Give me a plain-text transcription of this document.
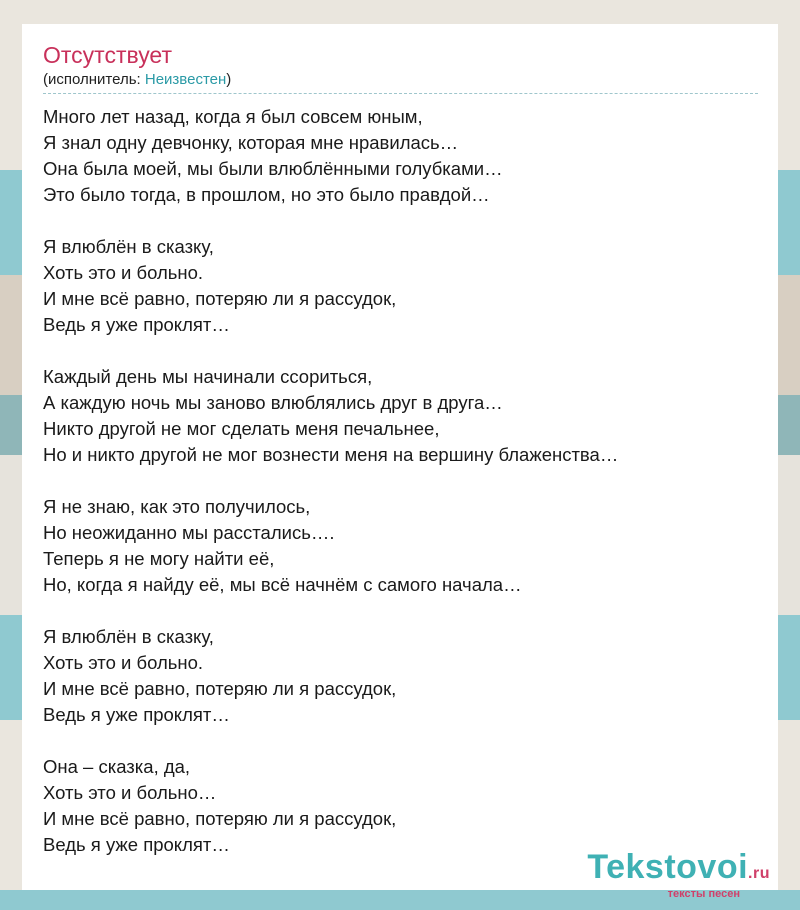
Отсутствует
(исполнитель: Неизвестен)
Много лет назад, когда я был совсем юным,
Я знал одну девчонку, которая мне нравилась…
Она была моей, мы были влюблёнными голубками…
Это было тогда, в прошлом, но это было правдой…
Я влюблён в сказку,
Хоть это и больно.
И мне всё равно, потеряю ли я рассудок,
Ведь я уже проклят…
Каждый день мы начинали ссориться,
А каждую ночь мы заново влюблялись друг в друга…
Никто другой не мог сделать меня печальнее,
Но и никто другой не мог вознести меня на вершину блаженства…
Я не знаю, как это получилось,
Но неожиданно мы расстались….
Теперь я не могу найти её,
Но, когда я найду её, мы всё начнём с самого начала…
Я влюблён в сказку,
Хоть это и больно.
И мне всё равно, потеряю ли я рассудок,
Ведь я уже проклят…
Она – сказка, да,
Хоть это и больно…
И мне всё равно, потеряю ли я рассудок,
Ведь я уже проклят…
Tekstovoi.ru
тексты песен
